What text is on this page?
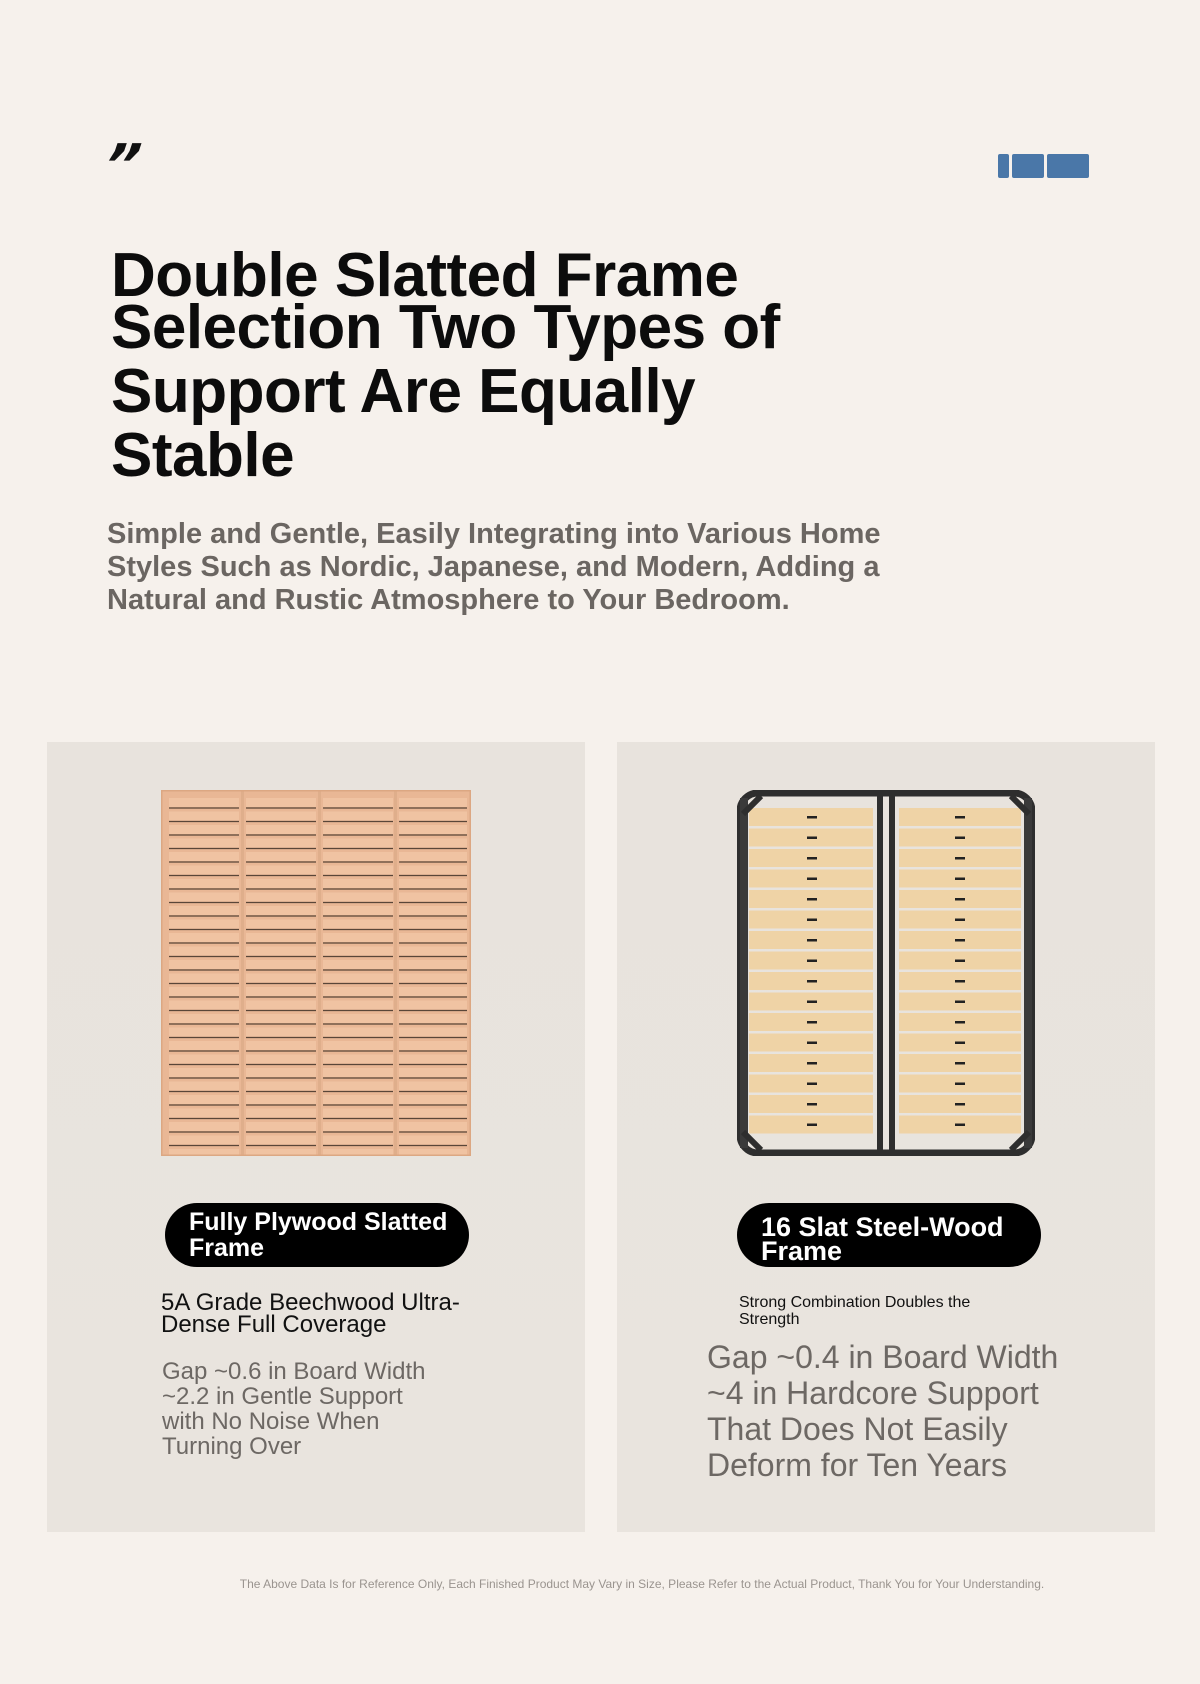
”
Double Slatted Frame
Selection Two Types of Support Are Equally Stable

Simple and Gentle, Easily Integrating into Various Home Styles Such as Nordic, Japanese, and Modern, Adding a Natural and Rustic Atmosphere to Your Bedroom.

Fully Plywood Slatted Frame

5A Grade Beechwood Ultra-Dense Full Coverage

Gap ~0.6 in Board Width ~2.2 in Gentle Support with No Noise When Turning Over

16 Slat Steel-Wood Frame

Strong Combination Doubles the Strength

Gap ~0.4 in Board Width ~4 in Hardcore Support That Does Not Easily Deform for Ten Years

The Above Data Is for Reference Only, Each Finished Product May Vary in Size, Please Refer to the Actual Product, Thank You for Your Understanding.
